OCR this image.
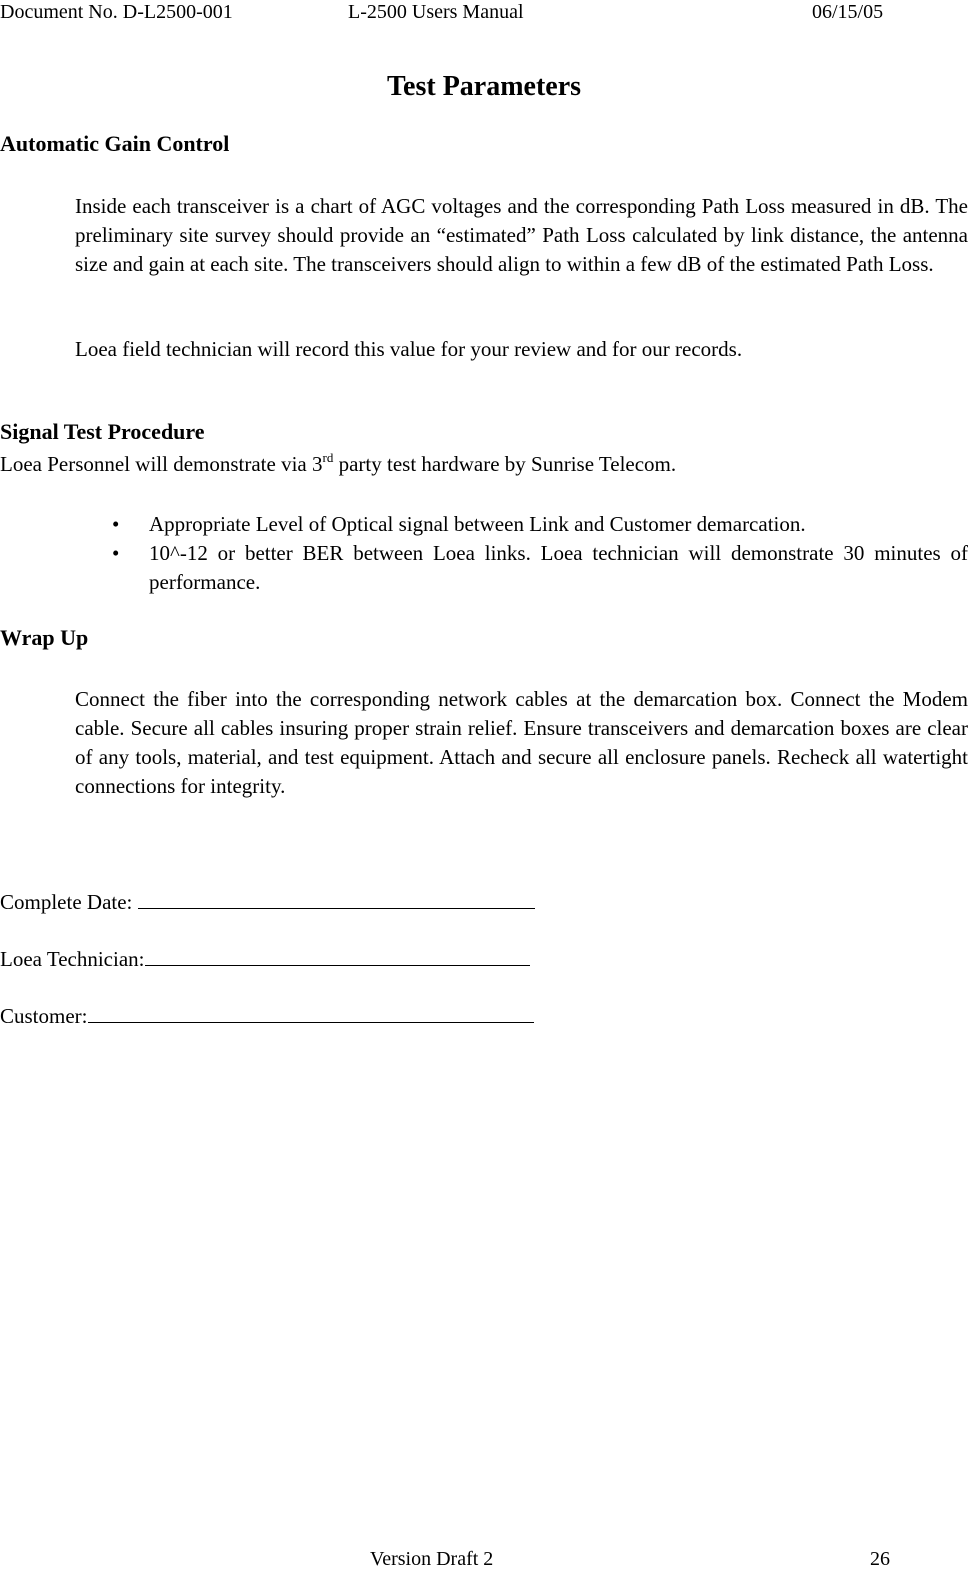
Document No. D-L2500-001	L-2500 Users Manual	06/15/05
Test Parameters
Automatic Gain Control
Inside each transceiver is a chart of AGC voltages and the corresponding Path Loss measured in dB. The preliminary site survey should provide an “estimated” Path Loss calculated by link distance, the antenna size and gain at each site. The transceivers should align to within a few dB of the estimated Path Loss.
Loea field technician will record this value for your review and for our records.
Signal Test Procedure
Loea Personnel will demonstrate via 3rd party test hardware by Sunrise Telecom.
• Appropriate Level of Optical signal between Link and Customer demarcation.
• 10^-12 or better BER between Loea links. Loea technician will demonstrate 30 minutes of performance.
Wrap Up
Connect the fiber into the corresponding network cables at the demarcation box. Connect the Modem cable. Secure all cables insuring proper strain relief. Ensure transceivers and demarcation boxes are clear of any tools, material, and test equipment. Attach and secure all enclosure panels. Recheck all watertight connections for integrity.
Complete Date:
Loea Technician:
Customer:
Version Draft 2	26
